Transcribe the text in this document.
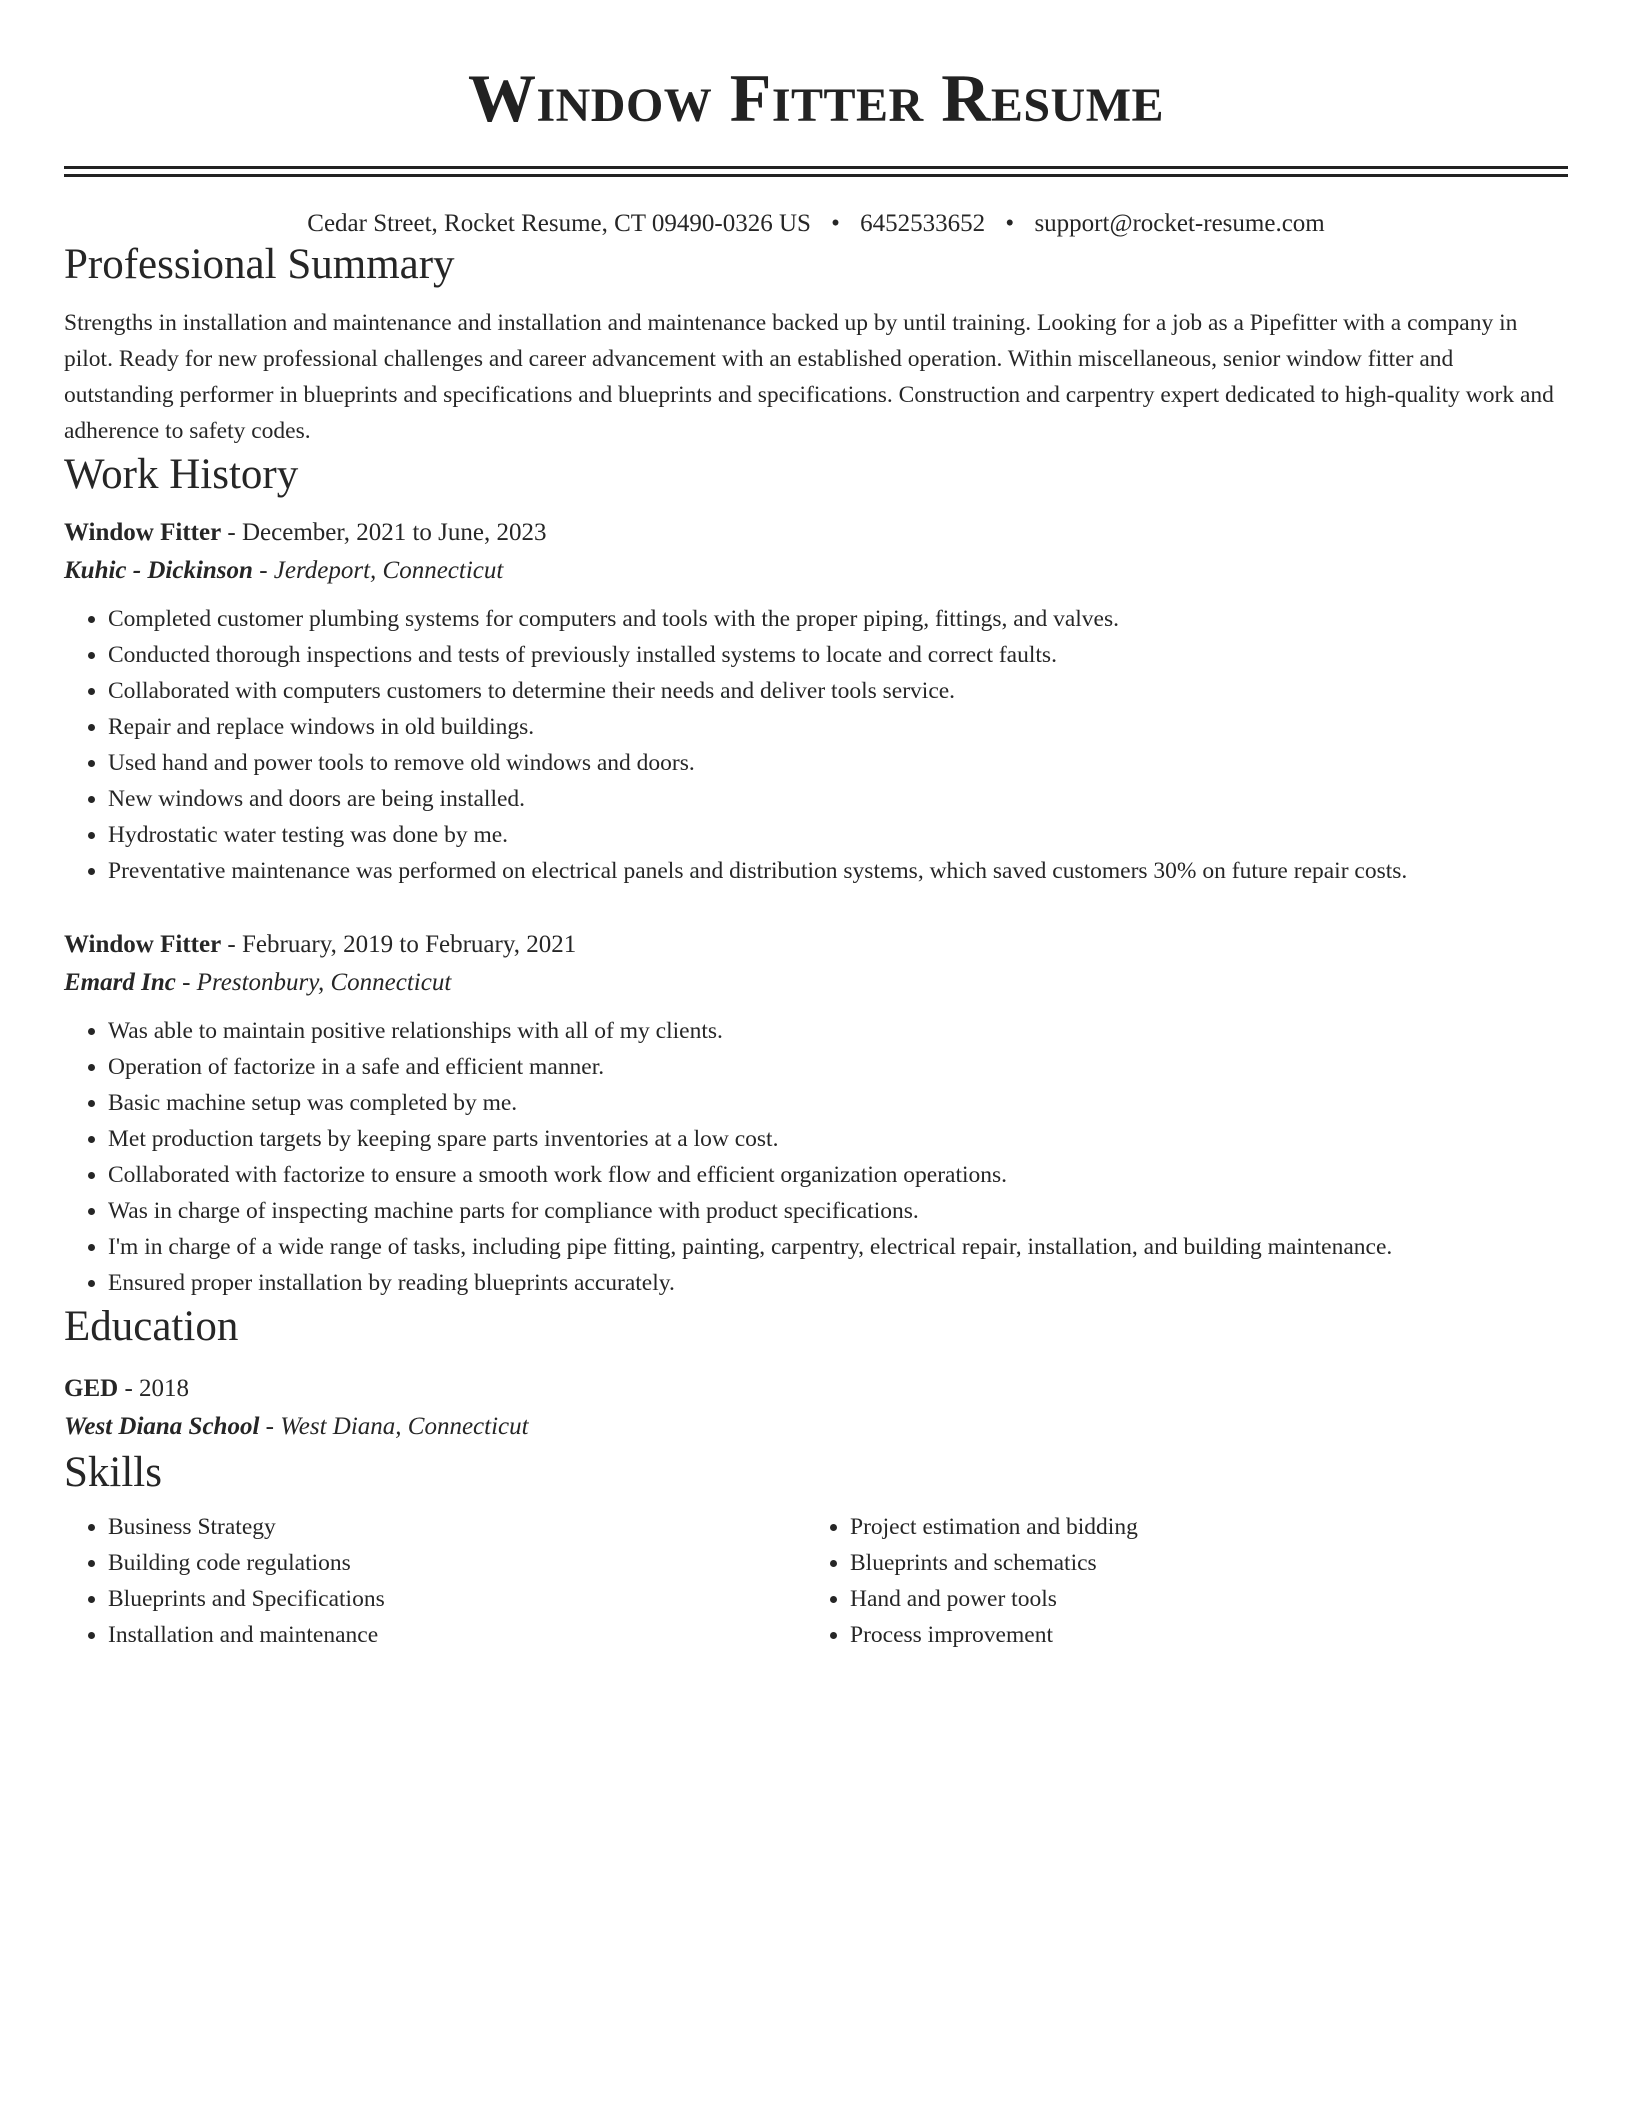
Window Fitter Resume
Cedar Street, Rocket Resume, CT 09490-0326 US • 6452533652 • support@rocket-resume.com
Professional Summary

Strengths in installation and maintenance and installation and maintenance backed up by until training. Looking for a job as a Pipefitter with a company in pilot. Ready for new professional challenges and career advancement with an established operation. Within miscellaneous, senior window fitter and outstanding performer in blueprints and specifications and blueprints and specifications. Construction and carpentry expert dedicated to high-quality work and adherence to safety codes.

Work History
Window Fitter - December, 2021 to June, 2023
Kuhic - Dickinson - Jerdeport, Connecticut
• Completed customer plumbing systems for computers and tools with the proper piping, fittings, and valves.
• Conducted thorough inspections and tests of previously installed systems to locate and correct faults.
• Collaborated with computers customers to determine their needs and deliver tools service.
• Repair and replace windows in old buildings.
• Used hand and power tools to remove old windows and doors.
• New windows and doors are being installed.
• Hydrostatic water testing was done by me.
• Preventative maintenance was performed on electrical panels and distribution systems, which saved customers 30% on future repair costs.
Window Fitter - February, 2019 to February, 2021
Emard Inc - Prestonbury, Connecticut
• Was able to maintain positive relationships with all of my clients.
• Operation of factorize in a safe and efficient manner.
• Basic machine setup was completed by me.
• Met production targets by keeping spare parts inventories at a low cost.
• Collaborated with factorize to ensure a smooth work flow and efficient organization operations.
• Was in charge of inspecting machine parts for compliance with product specifications.
• I'm in charge of a wide range of tasks, including pipe fitting, painting, carpentry, electrical repair, installation, and building maintenance.
• Ensured proper installation by reading blueprints accurately.
Education
GED - 2018
West Diana School - West Diana, Connecticut
Skills
• Business Strategy
• Building code regulations
• Blueprints and Specifications
• Installation and maintenance
• Project estimation and bidding
• Blueprints and schematics
• Hand and power tools
• Process improvement
